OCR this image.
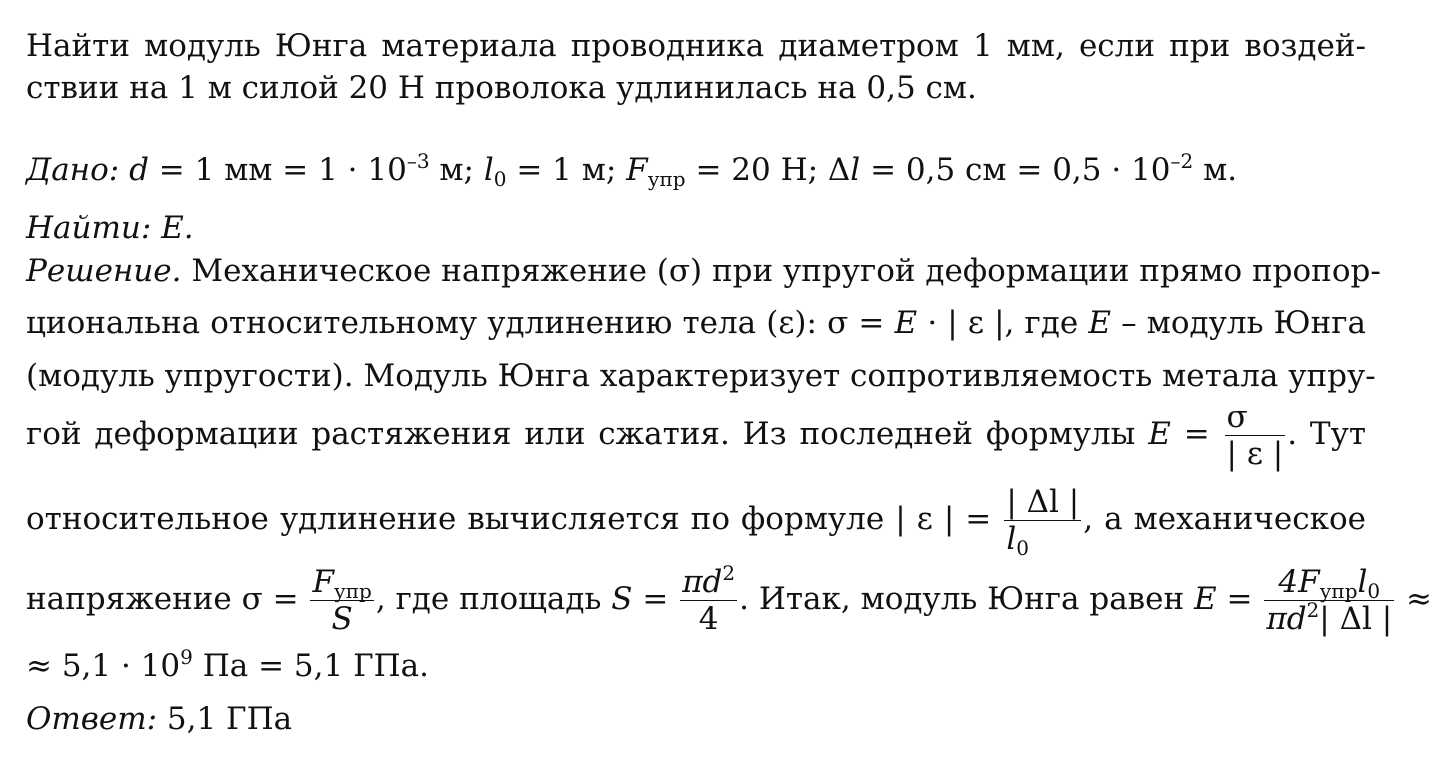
Найти модуль Юнга материала проводника диаметром 1 мм, если при воздей-
ствии на 1 м силой 20 Н проволока удлинилась на 0,5 см.
Дано: d = 1 мм = $1 \cdot 10^{-3}$ м; $l_0 = 1$ м; $F_{упр} = 20$ Н; Δl = 0,5 см = $0,5 \cdot 10^{-2}$ м.
Найти: E.
Решение. Механическое напряжение (σ) при упругой деформации прямо пропор-
циональна относительному удлинению тела (ε): σ = E · | ε |, где E – модуль Юнга
(модуль упругости). Модуль Юнга характеризует сопротивляемость метала упру-
гой деформации растяжения или сжатия. Из последней формулы $E = \frac{\sigma}{| \varepsilon |}$ . Тут
относительное удлинение вычисляется по формуле | ε | = $\frac{| \Delta l |}{l_0}$ , а механическое
напряжение $\sigma = \frac{F_{упр}}{S}$ , где площадь $S = \frac{\pi d^2}{4}$ . Итак, модуль Юнга равен $E = \frac{4F_{упр}l_0}{\pi d^2| \Delta l |}$ ≈
≈ $5,1 \cdot 10^9$ Па = 5,1 ГПа.
Ответ: 5,1 ГПа
